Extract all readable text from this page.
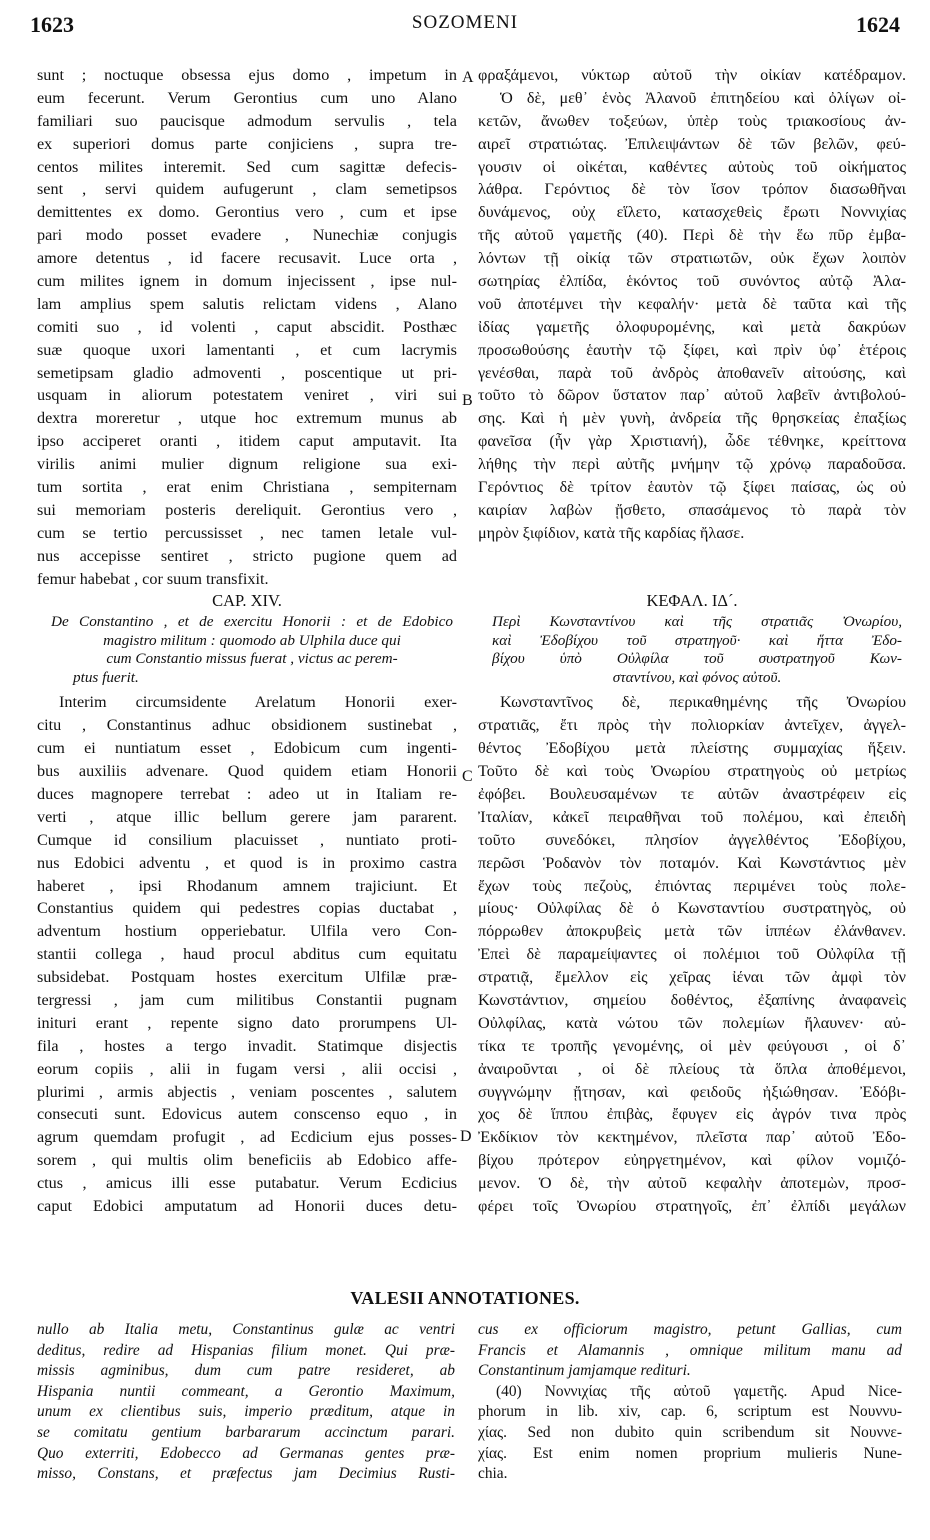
1623	SOZOMENI	1624
A
B
C
D
sunt ; noctuque obsessa ejus domo , impetum in
eum fecerunt. Verum Gerontius cum uno Alano
familiari suo paucisque admodum servulis , tela
ex superiori domus parte conjiciens , supra tre-
centos milites interemit. Sed cum sagittæ defecis-
sent , servi quidem aufugerunt , clam semetipsos
demittentes ex domo. Gerontius vero , cum et ipse
pari modo posset evadere , Nunechiæ conjugis
amore detentus , id facere recusavit. Luce orta ,
cum milites ignem in domum injecissent , ipse nul-
lam amplius spem salutis relictam videns , Alano
comiti suo , id volenti , caput abscidit. Posthæc
suæ quoque uxori lamentanti , et cum lacrymis
semetipsam gladio admoventi , poscentique ut pri-
usquam in aliorum potestatem veniret , viri sui
dextra moreretur , utque hoc extremum munus ab
ipso acciperet oranti , itidem caput amputavit. Ita
virilis animi mulier dignum religione sua exi-
tum sortita , erat enim Christiana , sempiternam
sui memoriam posteris dereliquit. Gerontius vero ,
cum se tertio percussisset , nec tamen letale vul-
nus accepisse sentiret , stricto pugione quem ad
femur habebat , cor suum transfixit.
CAP. XIV.
De Constantino , et de exercitu Honorii : et de Edobico
magistro militum : quomodo ab Ulphila duce qui
cum Constantio missus fuerat , victus ac perem-
ptus fuerit.
Interim circumsidente Arelatum Honorii exer-
citu , Constantinus adhuc obsidionem sustinebat ,
cum ei nuntiatum esset , Edobicum cum ingenti-
bus auxiliis advenare. Quod quidem etiam Honorii
duces magnopere terrebat : adeo ut in Italiam re-
verti , atque illic bellum gerere jam pararent.
Cumque id consilium placuisset , nuntiato proti-
nus Edobici adventu , et quod is in proximo castra
haberet , ipsi Rhodanum amnem trajiciunt. Et
Constantius quidem qui pedestres copias ductabat ,
adventum hostium opperiebatur. Ulfila vero Con-
stantii collega , haud procul abditus cum equitatu
subsidebat. Postquam hostes exercitum Ulfilæ præ-
tergressi , jam cum militibus Constantii pugnam
inituri erant , repente signo dato prorumpens Ul-
fila , hostes a tergo invadit. Statimque disjectis
eorum copiis , alii in fugam versi , alii occisi ,
plurimi , armis abjectis , veniam poscentes , salutem
consecuti sunt. Edovicus autem conscenso equo , in
agrum quemdam profugit , ad Ecdicium ejus posses-
sorem , qui multis olim beneficiis ab Edobico affe-
ctus , amicus illi esse putabatur. Verum Ecdicius
caput Edobici amputatum ad Honorii duces detu-
φραξάμενοι, νύκτωρ αὐτοῦ τὴν οἰκίαν κατέδραμον.
Ὁ δὲ, μεθ᾽ ἑνὸς Ἀλανοῦ ἐπιτηδείου καὶ ὀλίγων οἰ-
κετῶν, ἄνωθεν τοξεύων, ὑπὲρ τοὺς τριακοσίους ἀν-
αιρεῖ στρατιώτας. Ἐπιλειψάντων δὲ τῶν βελῶν, φεύ-
γουσιν οἱ οἰκέται, καθέντες αὐτοὺς τοῦ οἰκήματος
λάθρα. Γερόντιος δὲ τὸν ἴσον τρόπον διασωθῆναι
δυνάμενος, οὐχ εἵλετο, κατασχεθεὶς ἔρωτι Νοννιχίας
τῆς αὐτοῦ γαμετῆς (40). Περὶ δὲ τὴν ἕω πῦρ ἐμβα-
λόντων τῇ οἰκίᾳ τῶν στρατιωτῶν, οὐκ ἔχων λοιπὸν
σωτηρίας ἐλπίδα, ἑκόντος τοῦ συνόντος αὐτῷ Ἀλα-
νοῦ ἀποτέμνει τὴν κεφαλήν· μετὰ δὲ ταῦτα καὶ τῆς
ἰδίας γαμετῆς ὀλοφυρομένης, καὶ μετὰ δακρύων
προσωθούσης ἑαυτὴν τῷ ξίφει, καὶ πρὶν ὑφ᾽ ἑτέροις
γενέσθαι, παρὰ τοῦ ἀνδρὸς ἀποθανεῖν αἰτούσης, καὶ
τοῦτο τὸ δῶρον ὕστατον παρ᾽ αὐτοῦ λαβεῖν ἀντιβολού-
σης. Καὶ ἡ μὲν γυνὴ, ἀνδρεία τῆς θρησκείας ἐπαξίως
φανεῖσα (ἦν γὰρ Χριστιανή), ὧδε τέθνηκε, κρείττονα
λήθης τὴν περὶ αὐτῆς μνήμην τῷ χρόνῳ παραδοῦσα.
Γερόντιος δὲ τρίτον ἑαυτὸν τῷ ξίφει παίσας, ὡς οὐ
καιρίαν λαβὼν ᾔσθετο, σπασάμενος τὸ παρὰ τὸν
μηρὸν ξιφίδιον, κατὰ τῆς καρδίας ἤλασε.
ΚΕΦΑΛ. ΙΔ´.
Περὶ Κωνσταντίνου καὶ τῆς στρατιᾶς Ὀνωρίου,
καὶ Ἐδοβίχου τοῦ στρατηγοῦ· καὶ ἥττα Ἐδο-
βίχου ὑπὸ Οὐλφίλα τοῦ συστρατηγοῦ Κων-
σταντίνου, καὶ φόνος αὐτοῦ.
Κωνσταντῖνος δὲ, περικαθημένης τῆς Ὀνωρίου
στρατιᾶς, ἔτι πρὸς τὴν πολιορκίαν ἀντεῖχεν, ἀγγελ-
θέντος Ἐδοβίχου μετὰ πλείστης συμμαχίας ἥξειν.
Τοῦτο δὲ καὶ τοὺς Ὀνωρίου στρατηγοὺς οὐ μετρίως
ἐφόβει. Βουλευσαμένων τε αὐτῶν ἀναστρέφειν εἰς
Ἰταλίαν, κἀκεῖ πειραθῆναι τοῦ πολέμου, καὶ ἐπειδὴ
τοῦτο συνεδόκει, πλησίον ἀγγελθέντος Ἐδοβίχου,
περῶσι Ῥοδανὸν τὸν ποταμόν. Καὶ Κωνστάντιος μὲν
ἔχων τοὺς πεζοὺς, ἐπιόντας περιμένει τοὺς πολε-
μίους· Οὐλφίλας δὲ ὁ Κωνσταντίου συστρατηγὸς, οὐ
πόρρωθεν ἀποκρυβεὶς μετὰ τῶν ἱππέων ἐλάνθανεν.
Ἐπεὶ δὲ παραμείψαντες οἱ πολέμιοι τοῦ Οὐλφίλα τῇ
στρατιᾷ, ἔμελλον εἰς χεῖρας ἰέναι τῶν ἀμφὶ τὸν
Κωνστάντιον, σημείου δοθέντος, ἐξαπίνης ἀναφανεὶς
Οὐλφίλας, κατὰ νώτου τῶν πολεμίων ἤλαυνεν· αὐ-
τίκα τε τροπῆς γενομένης, οἱ μὲν φεύγουσι , οἱ δ᾽
ἀναιροῦνται , οἱ δὲ πλείους τὰ ὅπλα ἀποθέμενοι,
συγγνώμην ᾔτησαν, καὶ φειδοῦς ἠξιώθησαν. Ἐδόβι-
χος δὲ ἵππου ἐπιβὰς, ἔφυγεν εἰς ἀγρόν τινα πρὸς
Ἐκδίκιον τὸν κεκτημένον, πλεῖστα παρ᾽ αὐτοῦ Ἐδο-
βίχου πρότερον εὐηργετημένον, καὶ φίλον νομιζό-
μενον. Ὁ δὲ, τὴν αὐτοῦ κεφαλὴν ἀποτεμὼν, προσ-
φέρει τοῖς Ὀνωρίου στρατηγοῖς, ἐπ᾽ ἐλπίδι μεγάλων
VALESII ANNOTATIONES.
nullo ab Italia metu, Constantinus gulæ ac ventri
deditus, redire ad Hispanias filium monet. Qui præ-
missis agminibus, dum cum patre resideret, ab
Hispania nuntii commeant, a Gerontio Maximum,
unum ex clientibus suis, imperio præditum, atque in
se comitatu gentium barbararum accinctum parari.
Quo exterriti, Edobecco ad Germanas gentes præ-
misso, Constans, et præfectus jam Decimius Rusti-
cus ex officiorum magistro, petunt Gallias, cum
Francis et Alamannis , omnique militum manu ad
Constantinum jamjamque redituri.
(40) Νοννιχίας τῆς αὐτοῦ γαμετῆς. Apud Nice-
phorum in lib. xiv, cap. 6, scriptum est Νουννυ-
χίας. Sed non dubito quin scribendum sit Νουννε-
χίας. Est enim nomen proprium mulieris Nune-
chia.
